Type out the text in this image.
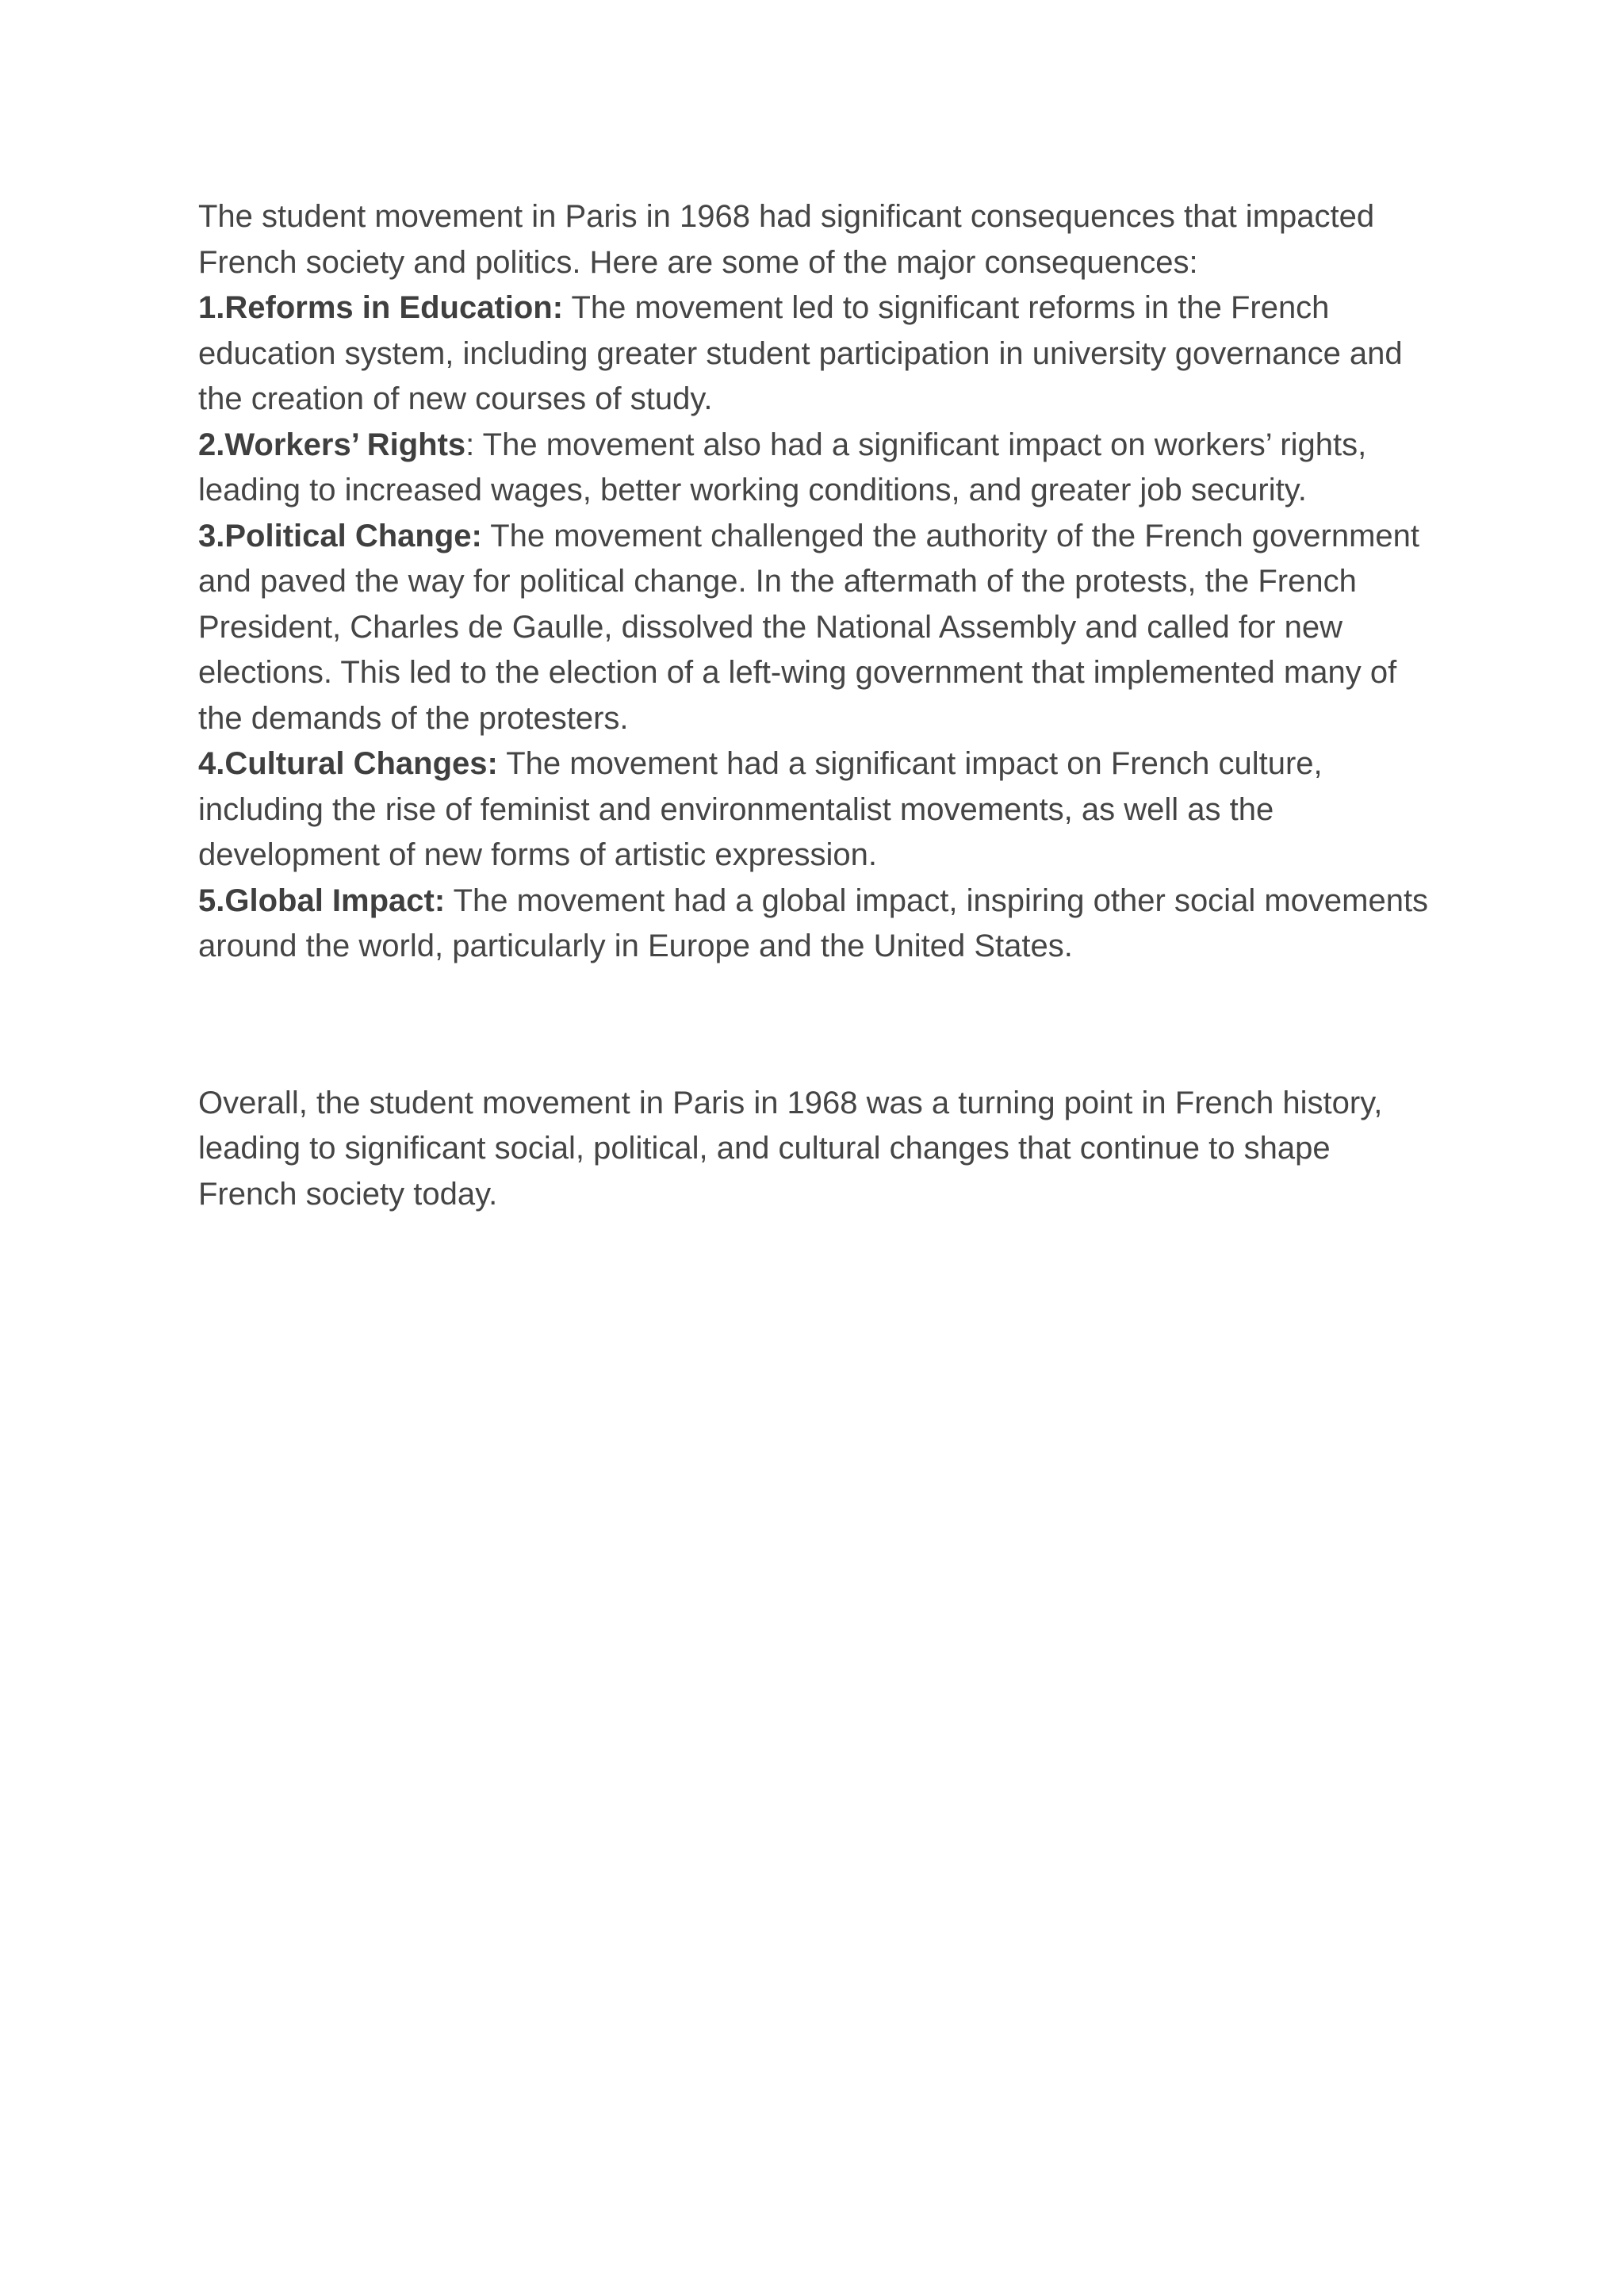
The student movement in Paris in 1968 had significant consequences that impacted French society and politics. Here are some of the major consequences:

1.Reforms in Education: The movement led to significant reforms in the French education system, including greater student participation in university governance and the creation of new courses of study.

2.Workers’ Rights: The movement also had a significant impact on workers’ rights, leading to increased wages, better working conditions, and greater job security.

3.Political Change: The movement challenged the authority of the French government and paved the way for political change. In the aftermath of the protests, the French President, Charles de Gaulle, dissolved the National Assembly and called for new elections. This led to the election of a left-wing government that implemented many of the demands of the protesters.

4.Cultural Changes: The movement had a significant impact on French culture, including the rise of feminist and environmentalist movements, as well as the development of new forms of artistic expression.

5.Global Impact: The movement had a global impact, inspiring other social movements around the world, particularly in Europe and the United States.

Overall, the student movement in Paris in 1968 was a turning point in French history, leading to significant social, political, and cultural changes that continue to shape French society today.
